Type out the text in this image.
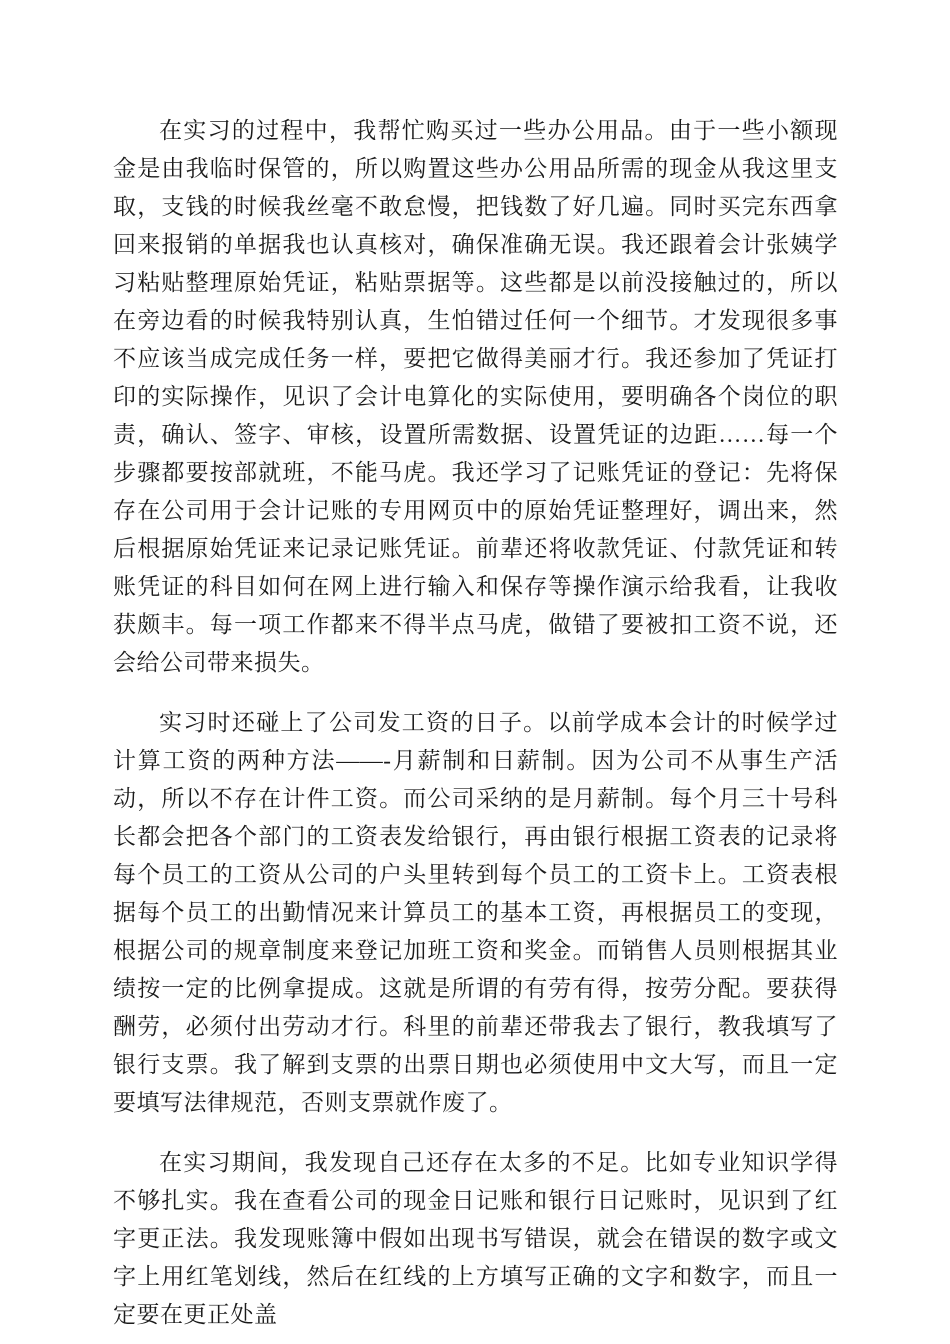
在实习的过程中，我帮忙购买过一些办公用品。由于一些小额现金是由我临时保管的，所以购置这些办公用品所需的现金从我这里支取，支钱的时候我丝毫不敢怠慢，把钱数了好几遍。同时买完东西拿回来报销的单据我也认真核对，确保准确无误。我还跟着会计张姨学习粘贴整理原始凭证，粘贴票据等。这些都是以前没接触过的，所以在旁边看的时候我特别认真，生怕错过任何一个细节。才发现很多事不应该当成完成任务一样，要把它做得美丽才行。我还参加了凭证打印的实际操作，见识了会计电算化的实际使用，要明确各个岗位的职责，确认、签字、审核，设置所需数据、设置凭证的边距……每一个步骤都要按部就班，不能马虎。我还学习了记账凭证的登记：先将保存在公司用于会计记账的专用网页中的原始凭证整理好，调出来，然后根据原始凭证来记录记账凭证。前辈还将收款凭证、付款凭证和转账凭证的科目如何在网上进行输入和保存等操作演示给我看，让我收获颇丰。每一项工作都来不得半点马虎，做错了要被扣工资不说，还会给公司带来损失。

实习时还碰上了公司发工资的日子。以前学成本会计的时候学过计算工资的两种方法——-月薪制和日薪制。因为公司不从事生产活动，所以不存在计件工资。而公司采纳的是月薪制。每个月三十号科长都会把各个部门的工资表发给银行，再由银行根据工资表的记录将每个员工的工资从公司的户头里转到每个员工的工资卡上。工资表根据每个员工的出勤情况来计算员工的基本工资，再根据员工的变现，根据公司的规章制度来登记加班工资和奖金。而销售人员则根据其业绩按一定的比例拿提成。这就是所谓的有劳有得，按劳分配。要获得酬劳，必须付出劳动才行。科里的前辈还带我去了银行，教我填写了银行支票。我了解到支票的出票日期也必须使用中文大写，而且一定要填写法律规范，否则支票就作废了。

在实习期间，我发现自己还存在太多的不足。比如专业知识学得不够扎实。我在查看公司的现金日记账和银行日记账时，见识到了红字更正法。我发现账簿中假如出现书写错误，就会在错误的数字或文字上用红笔划线，然后在红线的上方填写正确的文字和数字，而且一定要在更正处盖
